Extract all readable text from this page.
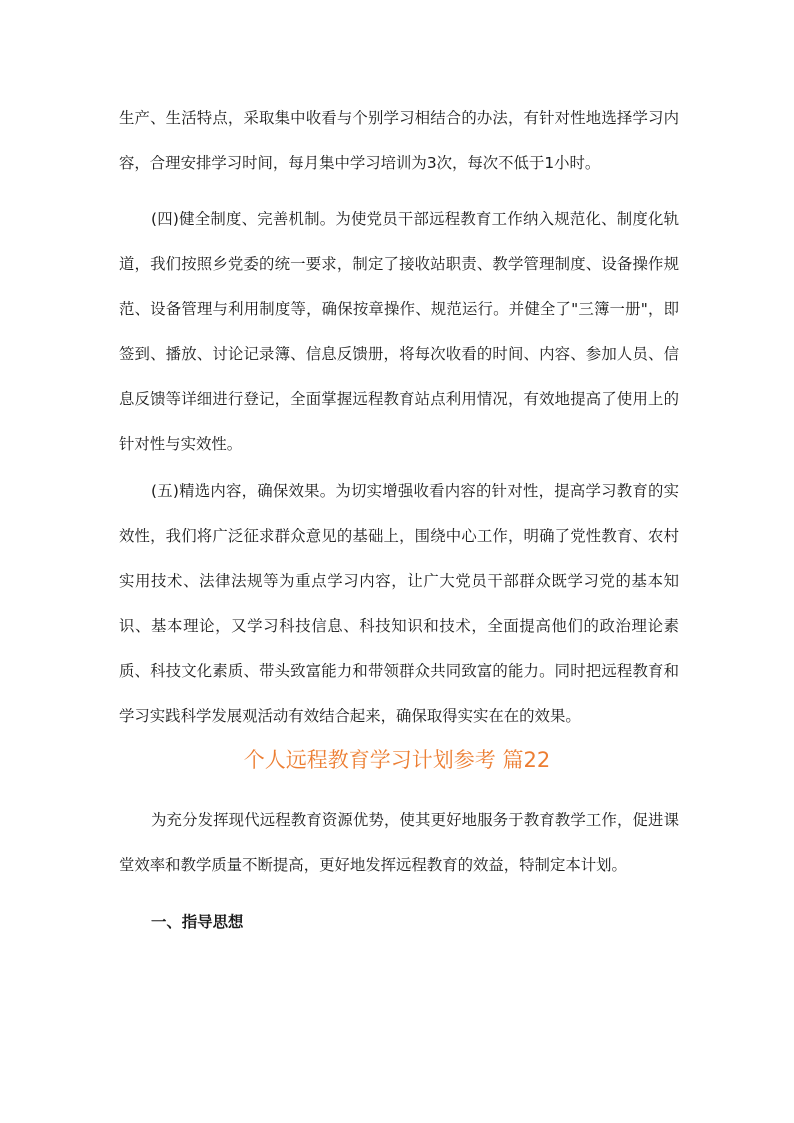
生产、生活特点，采取集中收看与个别学习相结合的办法，有针对性地选择学习内容，合理安排学习时间，每月集中学习培训为3次，每次不低于1小时。

(四)健全制度、完善机制。为使党员干部远程教育工作纳入规范化、制度化轨道，我们按照乡党委的统一要求，制定了接收站职责、教学管理制度、设备操作规范、设备管理与利用制度等，确保按章操作、规范运行。并健全了"三簿一册"，即签到、播放、讨论记录簿、信息反馈册，将每次收看的时间、内容、参加人员、信息反馈等详细进行登记，全面掌握远程教育站点利用情况，有效地提高了使用上的针对性与实效性。

(五)精选内容，确保效果。为切实增强收看内容的针对性，提高学习教育的实效性，我们将广泛征求群众意见的基础上，围绕中心工作，明确了党性教育、农村实用技术、法律法规等为重点学习内容，让广大党员干部群众既学习党的基本知识、基本理论，又学习科技信息、科技知识和技术，全面提高他们的政治理论素质、科技文化素质、带头致富能力和带领群众共同致富的能力。同时把远程教育和学习实践科学发展观活动有效结合起来，确保取得实实在在的效果。

个人远程教育学习计划参考 篇22

为充分发挥现代远程教育资源优势，使其更好地服务于教育教学工作，促进课堂效率和教学质量不断提高，更好地发挥远程教育的效益，特制定本计划。

一、指导思想
